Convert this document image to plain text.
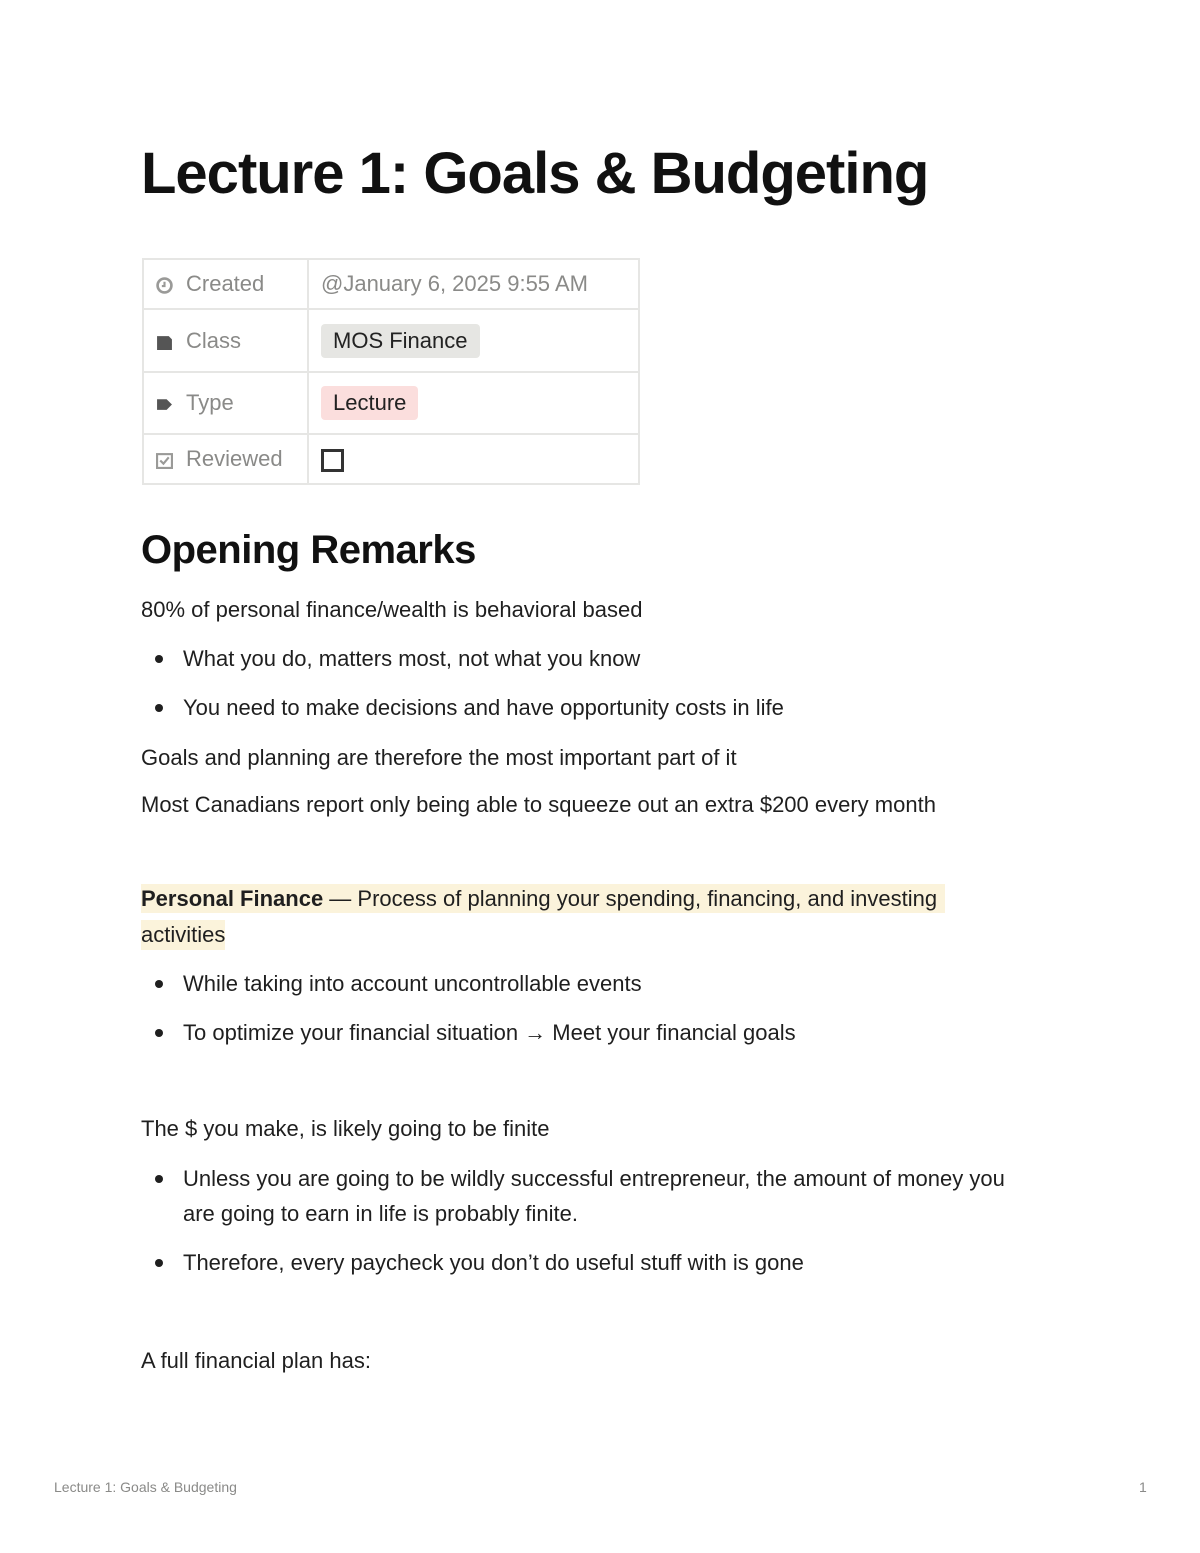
Lecture 1: Goals & Budgeting
Created	@January 6, 2025 9:55 AM
Class	MOS Finance
Type	Lecture
Reviewed	
Opening Remarks
80% of personal finance/wealth is behavioral based
What you do, matters most, not what you know
You need to make decisions and have opportunity costs in life
Goals and planning are therefore the most important part of it
Most Canadians report only being able to squeeze out an extra $200 every month
Personal Finance — Process of planning your spending, financing, and investing
activities
While taking into account uncontrollable events
To optimize your financial situation → Meet your financial goals
The $ you make, is likely going to be finite
Unless you are going to be wildly successful entrepreneur, the amount of money you are going to earn in life is probably finite.
Therefore, every paycheck you don’t do useful stuff with is gone
A full financial plan has:
Lecture 1: Goals & Budgeting	1
